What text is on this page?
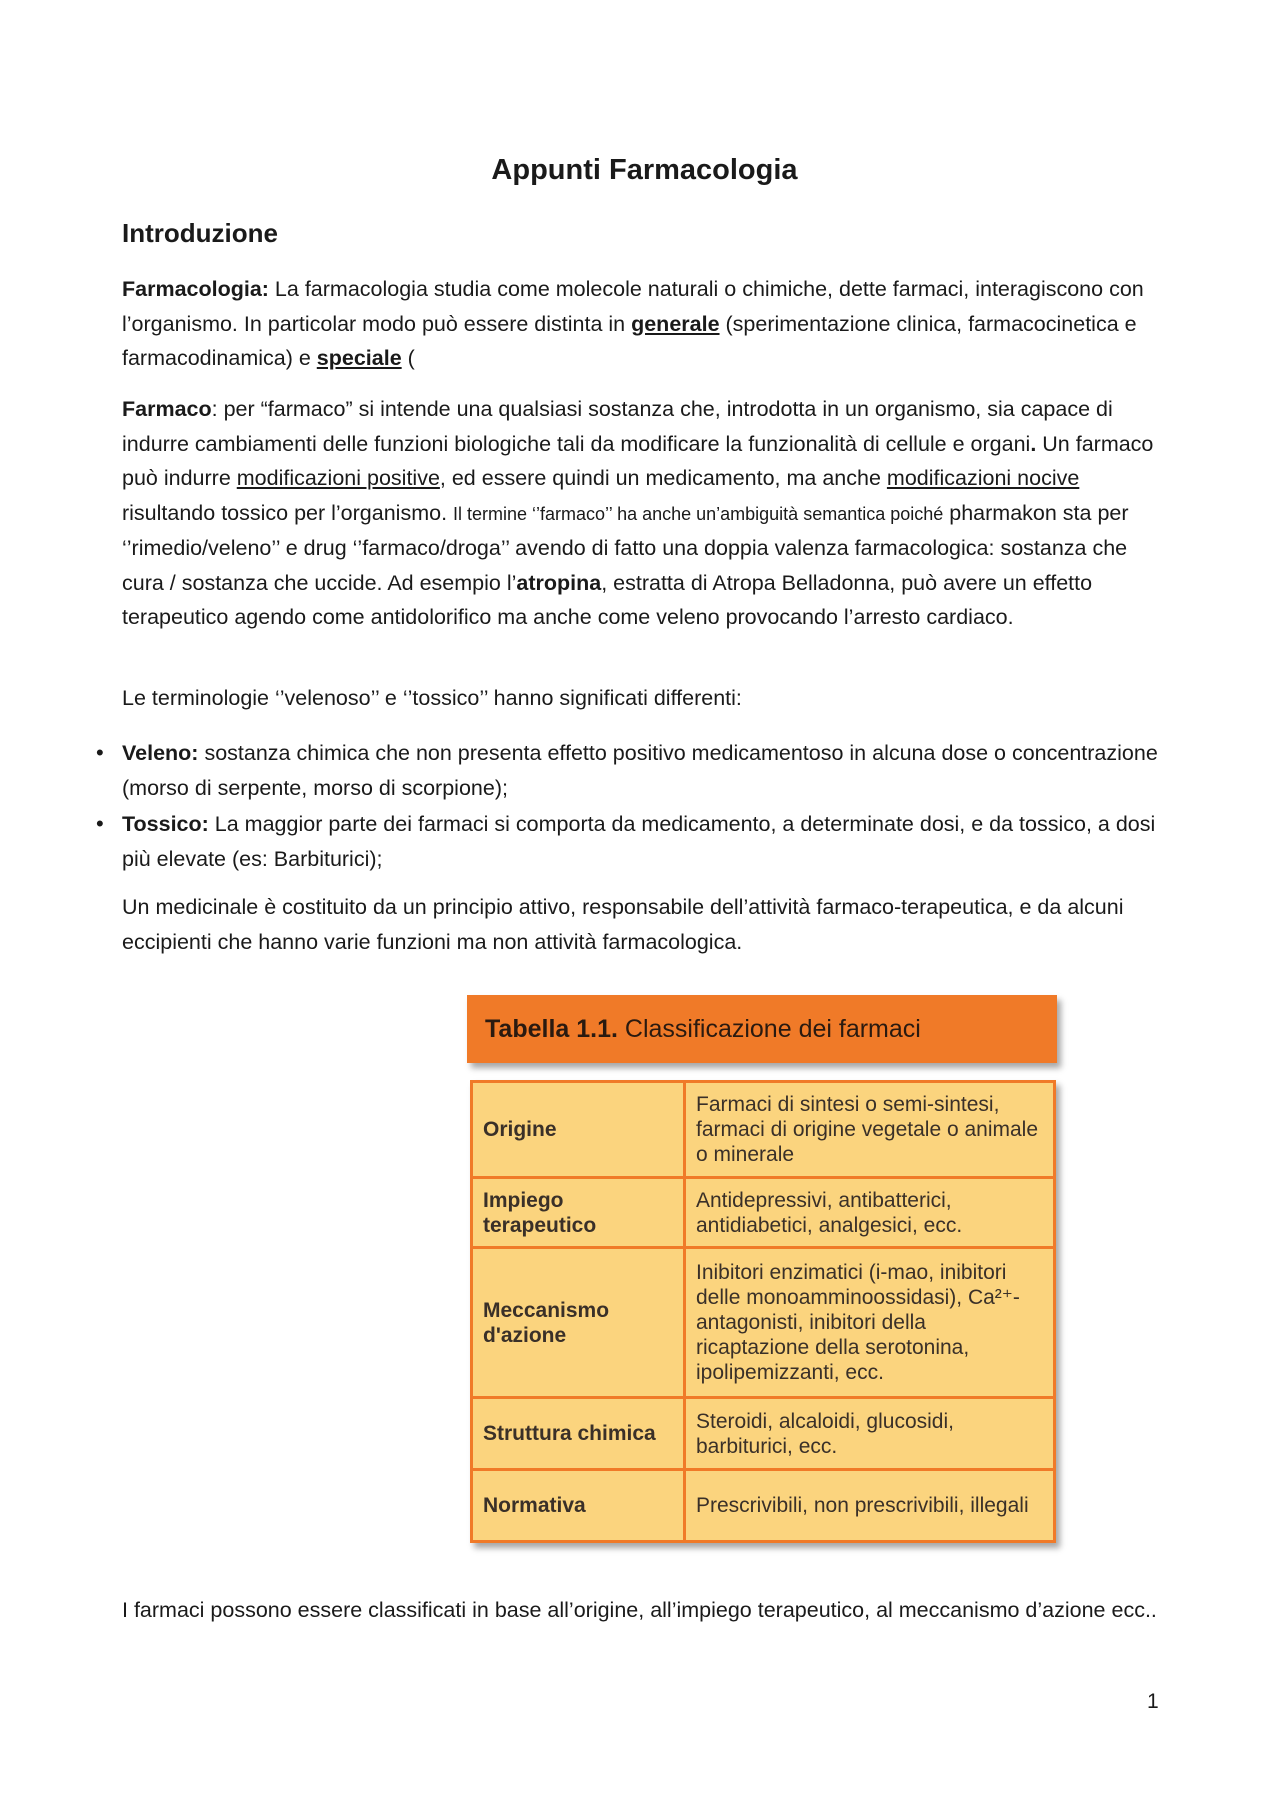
Appunti Farmacologia
Introduzione

Farmacologia: La farmacologia studia come molecole naturali o chimiche, dette farmaci, interagiscono con l’organismo. In particolar modo può essere distinta in generale (sperimentazione clinica, farmacocinetica e farmacodinamica) e speciale (

Farmaco: per “farmaco” si intende una qualsiasi sostanza che, introdotta in un organismo, sia capace di indurre cambiamenti delle funzioni biologiche tali da modificare la funzionalità di cellule e organi. Un farmaco può indurre modificazioni positive, ed essere quindi un medicamento, ma anche modificazioni nocive risultando tossico per l’organismo. Il termine ‘’farmaco’’ ha anche un’ambiguità semantica poiché pharmakon sta per ‘’rimedio/veleno’’ e drug ‘’farmaco/droga’’ avendo di fatto una doppia valenza farmacologica: sostanza che cura / sostanza che uccide. Ad esempio l’atropina, estratta di Atropa Belladonna, può avere un effetto terapeutico agendo come antidolorifico ma anche come veleno provocando l’arresto cardiaco.

Le terminologie ‘’velenoso’’ e ‘’tossico’’ hanno significati differenti:

• Veleno: sostanza chimica che non presenta effetto positivo medicamentoso in alcuna dose o concentrazione (morso di serpente, morso di scorpione);
• Tossico: La maggior parte dei farmaci si comporta da medicamento, a determinate dosi, e da tossico, a dosi più elevate (es: Barbiturici);

Un medicinale è costituito da un principio attivo, responsabile dell’attività farmaco-terapeutica, e da alcuni eccipienti che hanno varie funzioni ma non attività farmacologica.

Tabella 1.1. Classificazione dei farmaci
Origine	Farmaci di sintesi o semi-sintesi, farmaci di origine vegetale o animale o minerale
Impiego terapeutico	Antidepressivi, antibatterici, antidiabetici, analgesici, ecc.
Meccanismo d'azione	Inibitori enzimatici (i-mao, inibitori delle monoamminoossidasi), Ca²⁺-antagonisti, inibitori della ricaptazione della serotonina, ipolipemizzanti, ecc.
Struttura chimica	Steroidi, alcaloidi, glucosidi, barbiturici, ecc.
Normativa	Prescrivibili, non prescrivibili, illegali

I farmaci possono essere classificati in base all’origine, all’impiego terapeutico, al meccanismo d’azione ecc..

1
